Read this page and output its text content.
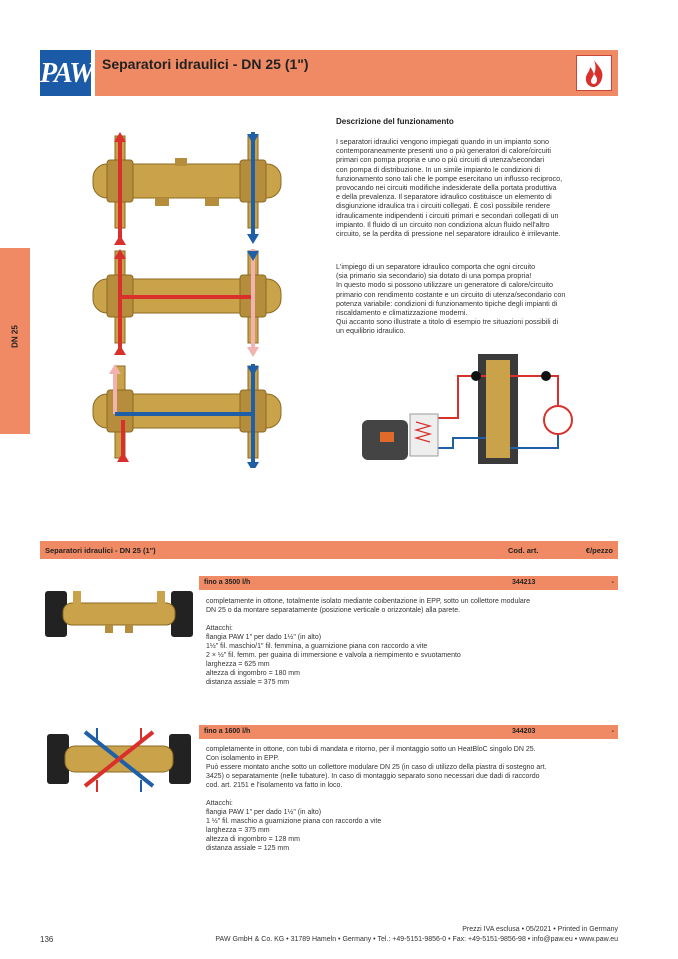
PAW Separatori idraulici - DN 25 (1")
DN 25
Descrizione del funzionamento
I separatori idraulici vengono impiegati quando in un impianto sono
contemporaneamente presenti uno o più generatori di calore/circuiti
primari con pompa propria e uno o più circuiti di utenza/secondari
con pompa di distribuzione. In un simile impianto le condizioni di
funzionamento sono tali che le pompe esercitano un influsso reciproco,
provocando nei circuiti modifiche indesiderate della portata produttiva
e della prevalenza. Il separatore idraulico costituisce un elemento di
disgiunzione idraulica tra i circuiti collegati. È così possibile rendere
idraulicamente indipendenti i circuiti primari e secondari collegati di un
impianto. Il fluido di un circuito non condiziona alcun fluido nell'altro
circuito, se la perdita di pressione nel separatore idraulico è irrilevante.
L'impiego di un separatore idraulico comporta che ogni circuito
(sia primario sia secondario) sia dotato di una pompa propria!
In questo modo si possono utilizzare un generatore di calore/circuito
primario con rendimento costante e un circuito di utenza/secondario con
potenza variabile: condizioni di funzionamento tipiche degli impianti di
riscaldamento e climatizzazione moderni.
Qui accanto sono illustrate a titolo di esempio tre situazioni possibili di
un equilibrio idraulico.
Separatori idraulici - DN 25 (1")	Cod. art.	€/pezzo
fino a 3500 l/h	344213	-
completamente in ottone, totalmente isolato mediante coibentazione in EPP, sotto un collettore modulare
DN 25 o da montare separatamente (posizione verticale o orizzontale) alla parete.

Attacchi:
flangia PAW 1" per dado 1½" (in alto)
1½" fil. maschio/1" fil. femmina, a guarnizione piana con raccordo a vite
2 × ½" fil. femm. per guaina di immersione e valvola a riempimento e svuotamento
larghezza = 625 mm
altezza di ingombro = 180 mm
distanza assiale = 375 mm
fino a 1600 l/h	344203	-
completamente in ottone, con tubi di mandata e ritorno, per il montaggio sotto un HeatBloC singolo DN 25.
Con isolamento in EPP.
Può essere montato anche sotto un collettore modulare DN 25 (in caso di utilizzo della piastra di sostegno art.
3425) o separatamente (nelle tubature). In caso di montaggio separato sono necessari due dadi di raccordo
cod. art. 2151 e l'isolamento va fatto in loco.

Attacchi:
flangia PAW 1" per dado 1½" (in alto)
1 ½" fil. maschio a guarnizione piana con raccordo a vite
larghezza = 375 mm
altezza di ingombro = 128 mm
distanza assiale = 125 mm
Prezzi IVA esclusa • 05/2021 • Printed in Germany
PAW GmbH & Co. KG • 31789 Hameln • Germany • Tel.: +49-5151-9856-0 • Fax: +49-5151-9856-98 • info@paw.eu • www.paw.eu
136
